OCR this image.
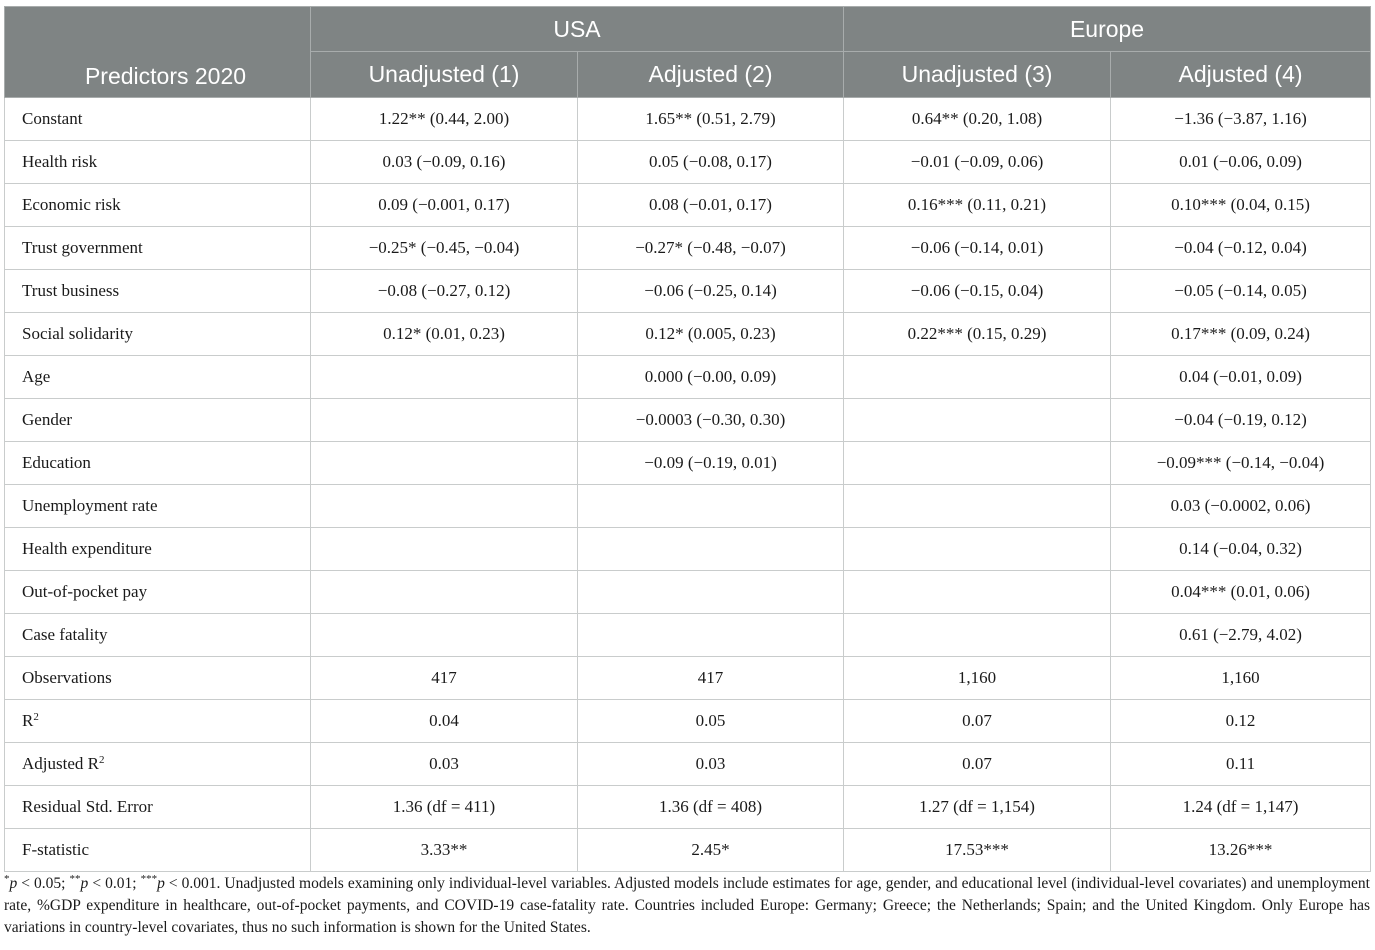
Predictors 2020	USA		Europe	
	Unadjusted (1)	Adjusted (2)	Unadjusted (3)	Adjusted (4)
Constant	1.22** (0.44, 2.00)	1.65** (0.51, 2.79)	0.64** (0.20, 1.08)	−1.36 (−3.87, 1.16)
Health risk	0.03 (−0.09, 0.16)	0.05 (−0.08, 0.17)	−0.01 (−0.09, 0.06)	0.01 (−0.06, 0.09)
Economic risk	0.09 (−0.001, 0.17)	0.08 (−0.01, 0.17)	0.16*** (0.11, 0.21)	0.10*** (0.04, 0.15)
Trust government	−0.25* (−0.45, −0.04)	−0.27* (−0.48, −0.07)	−0.06 (−0.14, 0.01)	−0.04 (−0.12, 0.04)
Trust business	−0.08 (−0.27, 0.12)	−0.06 (−0.25, 0.14)	−0.06 (−0.15, 0.04)	−0.05 (−0.14, 0.05)
Social solidarity	0.12* (0.01, 0.23)	0.12* (0.005, 0.23)	0.22*** (0.15, 0.29)	0.17*** (0.09, 0.24)
Age		0.000 (−0.00, 0.09)		0.04 (−0.01, 0.09)
Gender		−0.0003 (−0.30, 0.30)		−0.04 (−0.19, 0.12)
Education		−0.09 (−0.19, 0.01)		−0.09*** (−0.14, −0.04)
Unemployment rate				0.03 (−0.0002, 0.06)
Health expenditure				0.14 (−0.04, 0.32)
Out-of-pocket pay				0.04*** (0.01, 0.06)
Case fatality				0.61 (−2.79, 4.02)
Observations	417	417	1,160	1,160
$R^2$	0.04	0.05	0.07	0.12
Adjusted $R^2$	0.03	0.03	0.07	0.11
Residual Std. Error	1.36 (df = 411)	1.36 (df = 408)	1.27 (df = 1,154)	1.24 (df = 1,147)
F-statistic	3.33**	2.45*	17.53***	13.26***
*p < 0.05; **p < 0.01; ***p < 0.001. Unadjusted models examining only individual-level variables. Adjusted models include estimates for age, gender, and educational level (individual-level covariates) and unemployment rate, %GDP expenditure in healthcare, out-of-pocket payments, and COVID-19 case-fatality rate. Countries included Europe: Germany; Greece; the Netherlands; Spain; and the United Kingdom. Only Europe has variations in country-level covariates, thus no such information is shown for the United States.
